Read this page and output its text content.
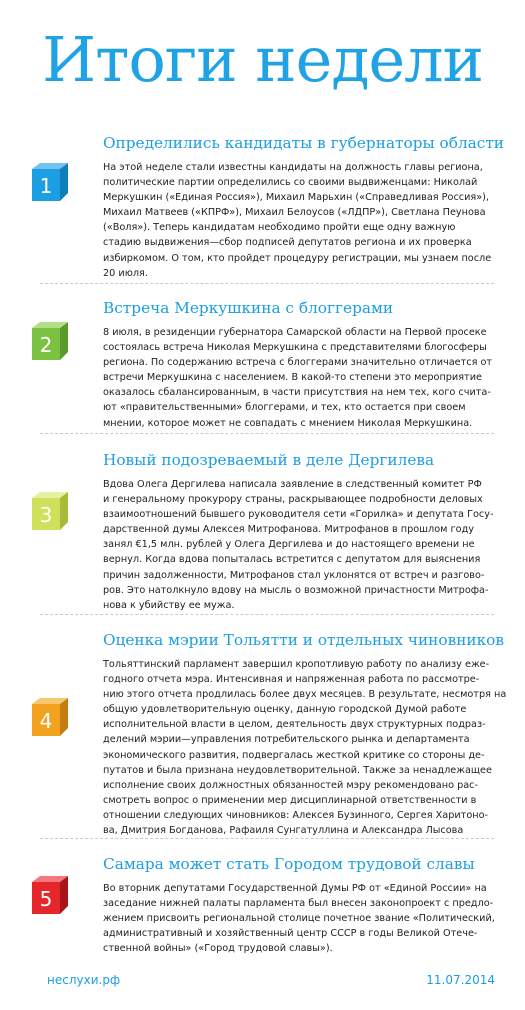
Итоги недели
1
Определились кандидаты в губернаторы области
На этой неделе стали известны кандидаты на должность главы региона,
политические партии определились со своими выдвиженцами: Николай
Меркушкин («Единая Россия»), Михаил Марьхин («Справедливая Россия»),
Михаил Матвеев («КПРФ»), Михаил Белоусов («ЛДПР»), Светлана Пеунова
(«Воля»). Теперь кандидатам необходимо пройти еще одну важную
стадию выдвижения—сбор подписей депутатов региона и их проверка
избиркомом. О том, кто пройдет процедуру регистрации, мы узнаем после
20 июля.
2
Встреча Меркушкина с блоггерами
8 июля, в резиденции губернатора Самарской области на Первой просеке
состоялась встреча Николая Меркушкина с представителями блогосферы
региона. По содержанию встреча с блоггерами значительно отличается от
встречи Меркушкина с населением. В какой-то степени это мероприятие
оказалось сбалансированным, в части присутствия на нем тех, кого счита-
ют «правительственными» блоггерами, и тех, кто остается при своем
мнении, которое может не совпадать с мнением Николая Меркушкина.
3
Новый подозреваемый в деле Дергилева
Вдова Олега Дергилева написала заявление в следственный комитет РФ
и генеральному прокурору страны, раскрывающее подробности деловых
взаимоотношений бывшего руководителя сети «Горилка» и депутата Госу-
дарственной думы Алексея Митрофанова. Митрофанов в прошлом году
занял €1,5 млн. рублей у Олега Дергилева и до настоящего времени не
вернул. Когда вдова попыталась встретится с депутатом для выяснения
причин задолженности, Митрофанов стал уклонятся от встреч и разгово-
ров. Это натолкнуло вдову на мысль о возможной причастности Митрофа-
нова к убийству ее мужа.
4
Оценка мэрии Тольятти и отдельных чиновников
Тольяттинский парламент завершил кропотливую работу по анализу еже-
годного отчета мэра. Интенсивная и напряженная работа по рассмотре-
нию этого отчета продлилась более двух месяцев. В результате, несмотря на
общую удовлетворительную оценку, данную городской Думой работе
исполнительной власти в целом, деятельность двух структурных подраз-
делений мэрии—управления потребительского рынка и департамента
экономического развития, подвергалась жесткой критике со стороны де-
путатов и была признана неудовлетворительной. Также за ненадлежащее
исполнение своих должностных обязанностей мэру рекомендовано рас-
смотреть вопрос о применении мер дисциплинарной ответственности в
отношении следующих чиновников: Алексея Бузинного, Сергея Харитоно-
ва, Дмитрия Богданова, Рафаиля Сунгатуллина и Александра Лысова
5
Самара может стать Городом трудовой славы
Во вторник депутатами Государственной Думы РФ от «Единой России» на
заседание нижней палаты парламента был внесен законопроект с предло-
жением присвоить региональной столице почетное звание «Политический,
административный и хозяйственный центр СССР в годы Великой Отече-
ственной войны» («Город трудовой славы»).
неслухи.рф	11.07.2014
